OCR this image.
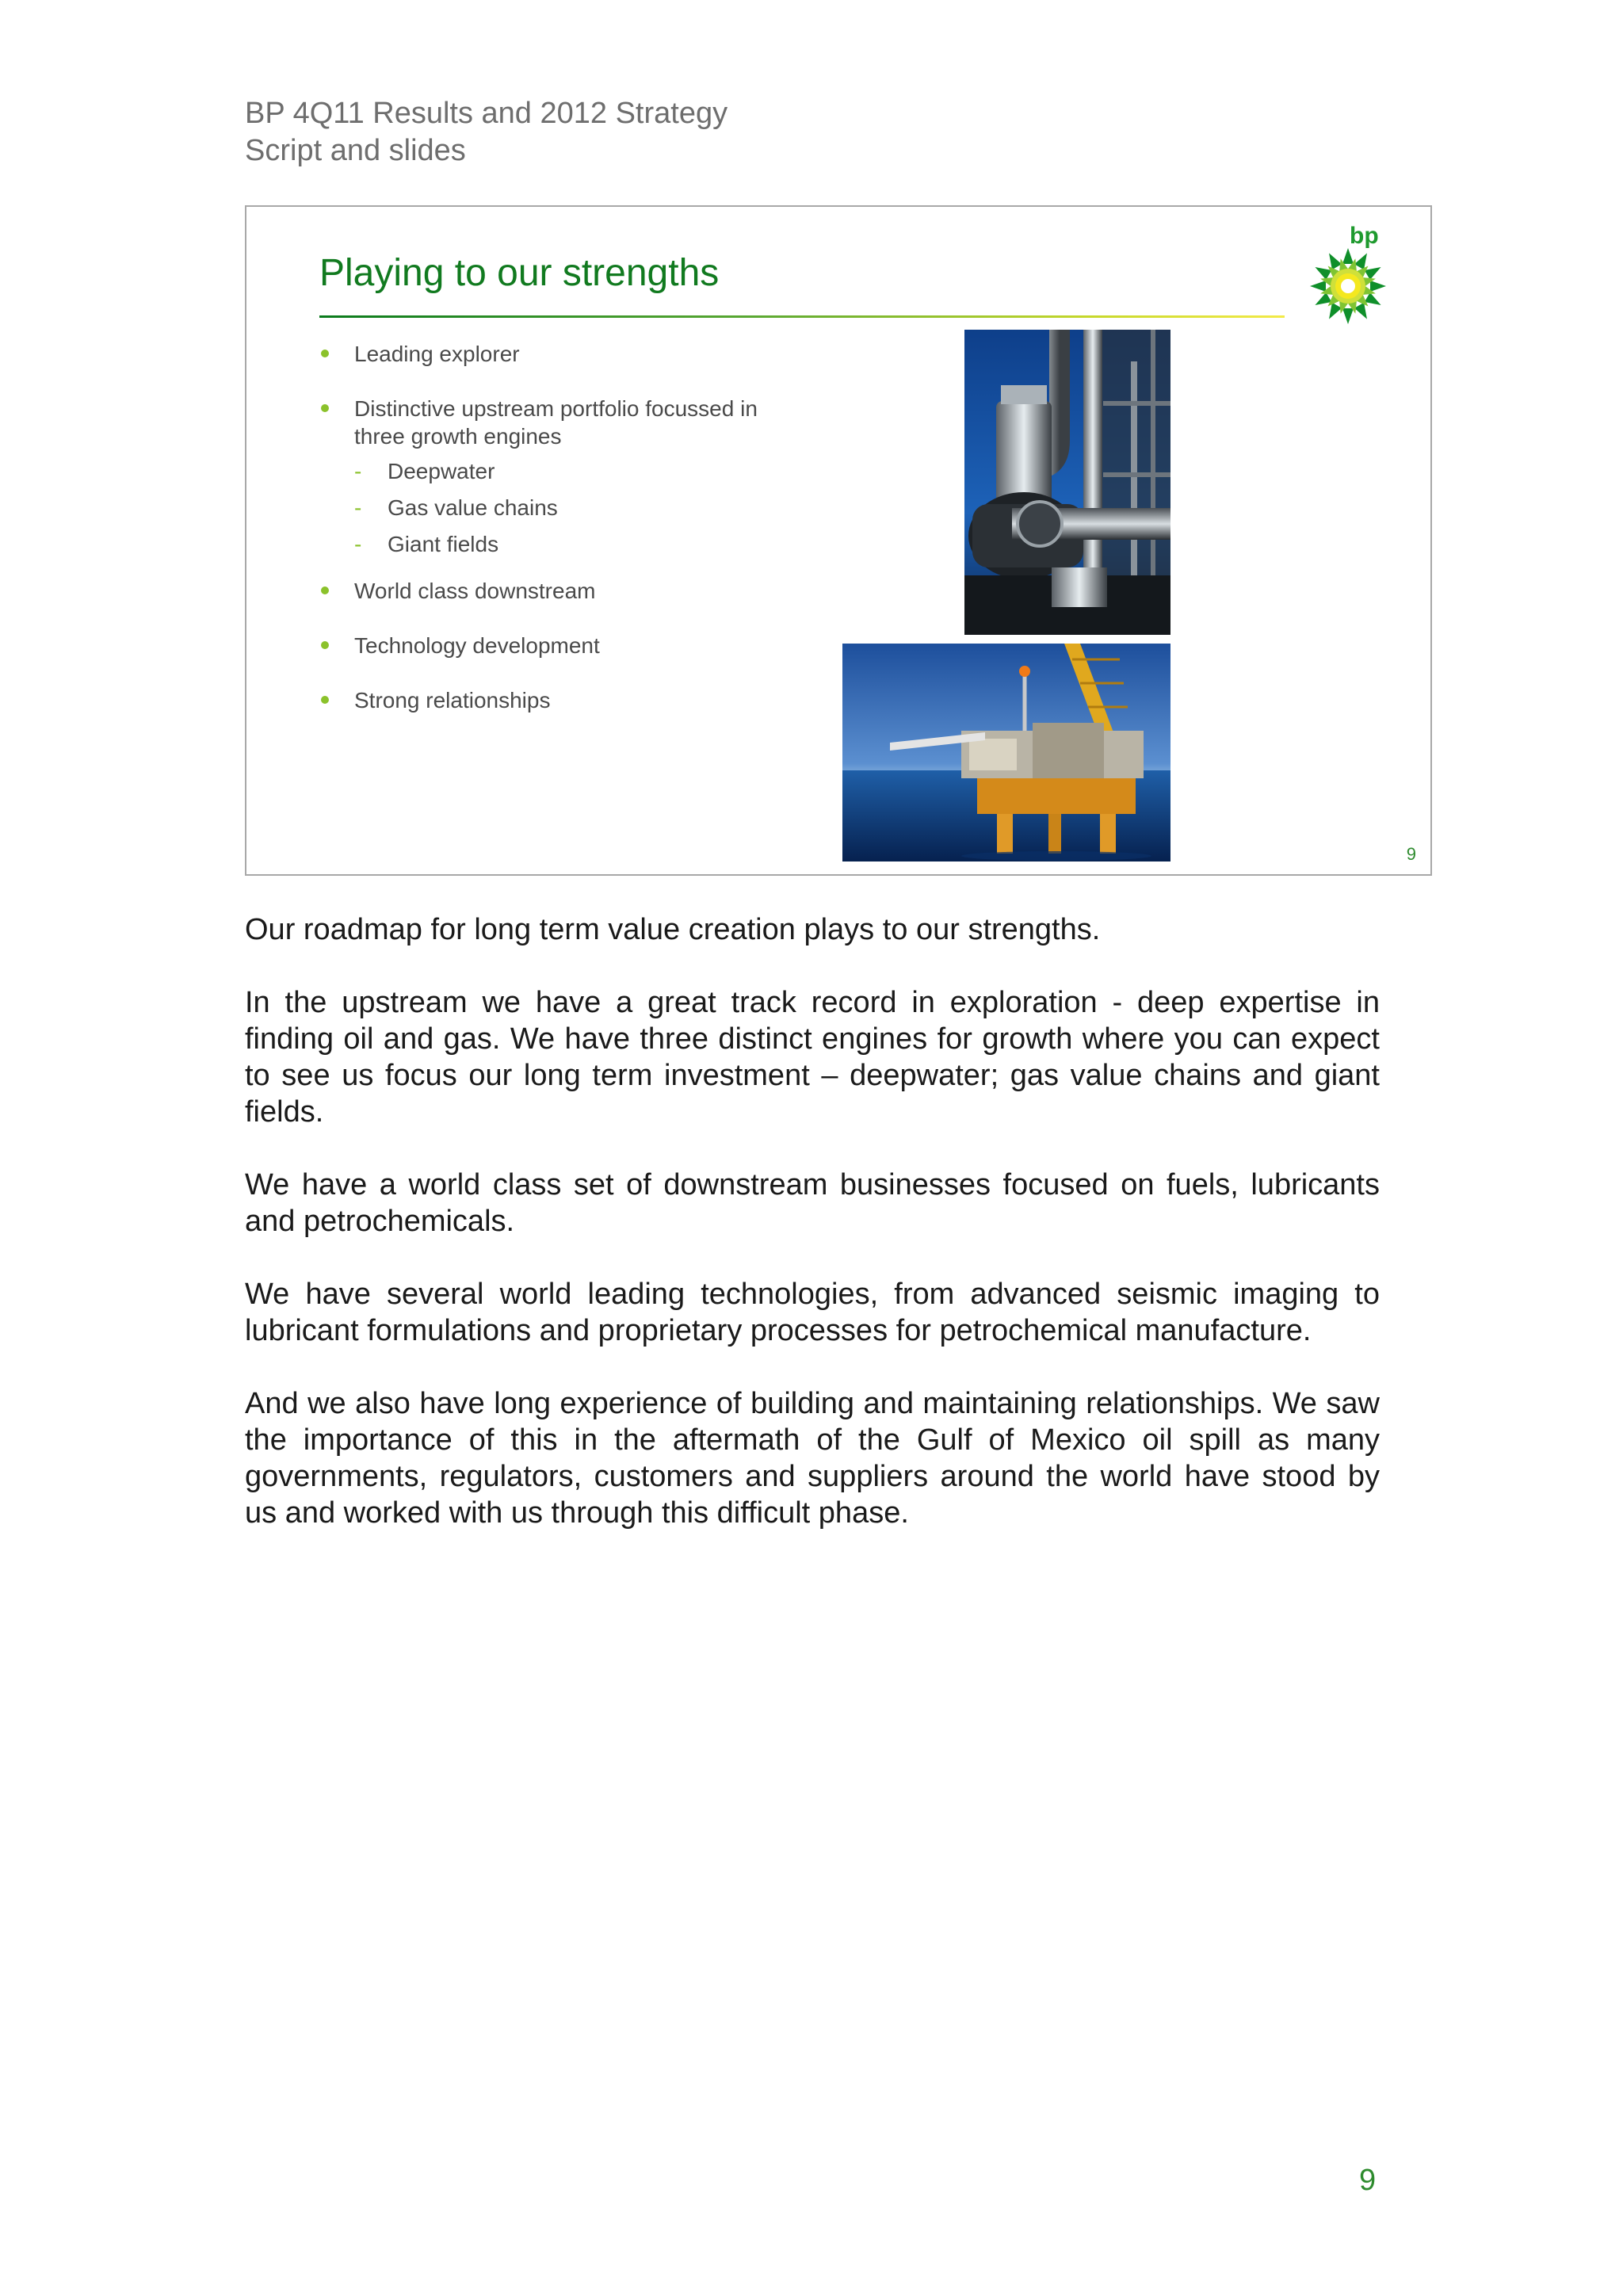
BP 4Q11 Results and 2012 Strategy
Script and slides
Playing to our strengths
bp
Leading explorer
Distinctive upstream portfolio focussed in three growth engines
- Deepwater
- Gas value chains
- Giant fields
World class downstream
Technology development
Strong relationships
9

Our roadmap for long term value creation plays to our strengths.

In the upstream we have a great track record in exploration - deep expertise in finding oil and gas. We have three distinct engines for growth where you can expect to see us focus our long term investment – deepwater; gas value chains and giant fields.

We have a world class set of downstream businesses focused on fuels, lubricants and petrochemicals.

We have several world leading technologies, from advanced seismic imaging to lubricant formulations and proprietary processes for petrochemical manufacture.

And we also have long experience of building and maintaining relationships. We saw the importance of this in the aftermath of the Gulf of Mexico oil spill as many governments, regulators, customers and suppliers around the world have stood by us and worked with us through this difficult phase.

9
